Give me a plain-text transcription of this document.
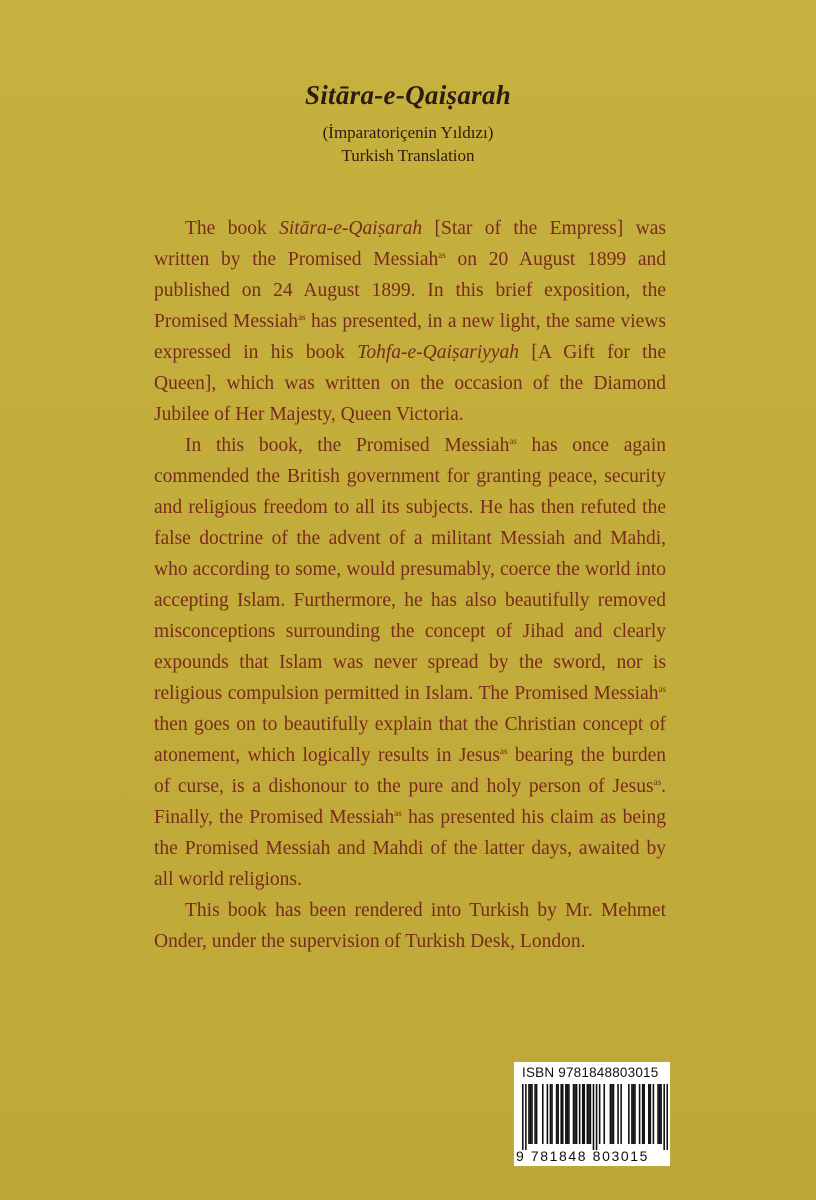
Sitāra-e-Qaiṣarah
(İmparatoriçenin Yıldızı)
Turkish Translation

The book Sitāra-e-Qaiṣarah [Star of the Empress] was written by the Promised Messiah$^{as}$ on 20 August 1899 and published on 24 August 1899. In this brief exposition, the Promised Messiah$^{as}$ has presented, in a new light, the same views expressed in his book Tohfa-e-Qaiṣariyyah [A Gift for the Queen], which was written on the occasion of the Diamond Jubilee of Her Majesty, Queen Victoria.

In this book, the Promised Messiah$^{as}$ has once again commended the British government for granting peace, security and religious freedom to all its subjects. He has then refuted the false doctrine of the advent of a militant Messiah and Mahdi, who according to some, would presumably, coerce the world into accepting Islam. Furthermore, he has also beautifully removed misconceptions surrounding the concept of Jihad and clearly expounds that Islam was never spread by the sword, nor is religious compulsion permitted in Islam. The Promised Messiah$^{as}$ then goes on to beautifully explain that the Christian concept of atonement, which logically results in Jesus$^{as}$ bearing the burden of curse, is a dishonour to the pure and holy person of Jesus$^{as}$. Finally, the Promised Messiah$^{as}$ has presented his claim as being the Promised Messiah and Mahdi of the latter days, awaited by all world religions.

This book has been rendered into Turkish by Mr. Mehmet Onder, under the supervision of Turkish Desk, London.

ISBN 9781848803015
9 781848 803015
